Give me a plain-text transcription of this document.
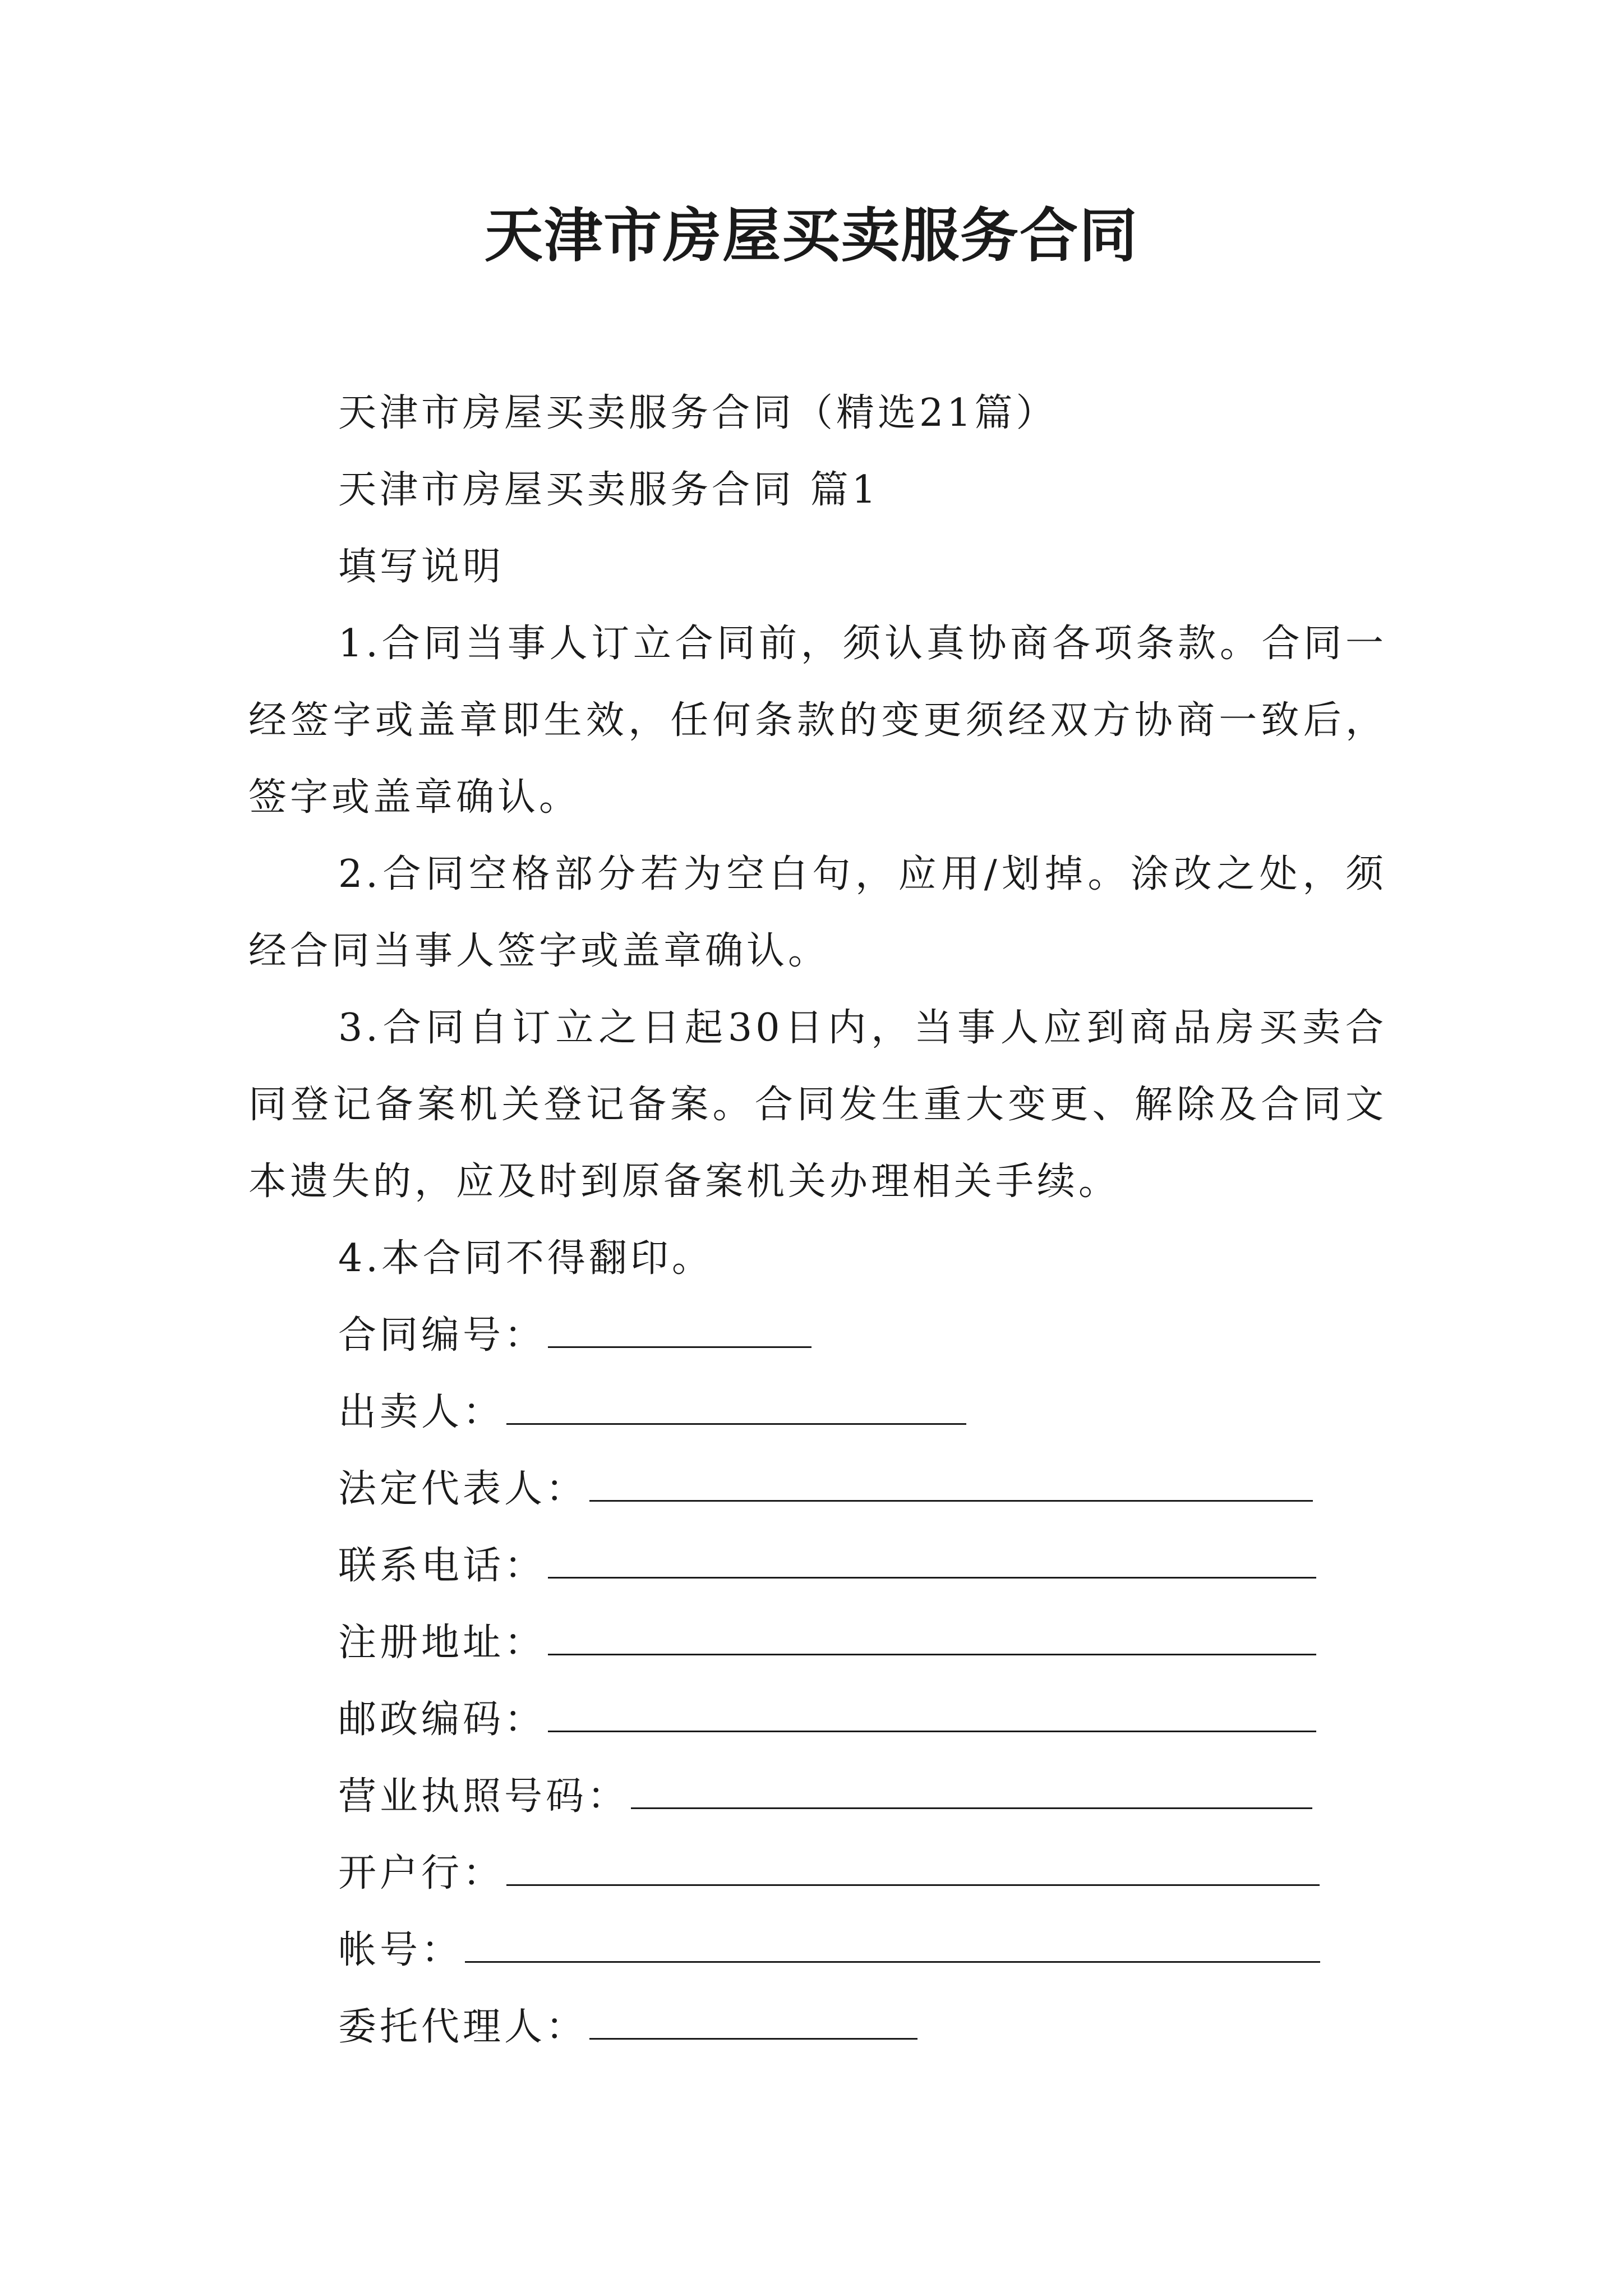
天津市房屋买卖服务合同

天津市房屋买卖服务合同（精选21篇）

天津市房屋买卖服务合同 篇1

填写说明

1.合同当事人订立合同前，须认真协商各项条款。合同一经签字或盖章即生效，任何条款的变更须经双方协商一致后，签字或盖章确认。

2.合同空格部分若为空白句，应用/划掉。涂改之处，须经合同当事人签字或盖章确认。

3.合同自订立之日起30日内，当事人应到商品房买卖合同登记备案机关登记备案。合同发生重大变更、解除及合同文本遗失的，应及时到原备案机关办理相关手续。

4.本合同不得翻印。

合同编号：

出卖人：

法定代表人：

联系电话：

注册地址：

邮政编码：

营业执照号码：

开户行：

帐号：

委托代理人：
